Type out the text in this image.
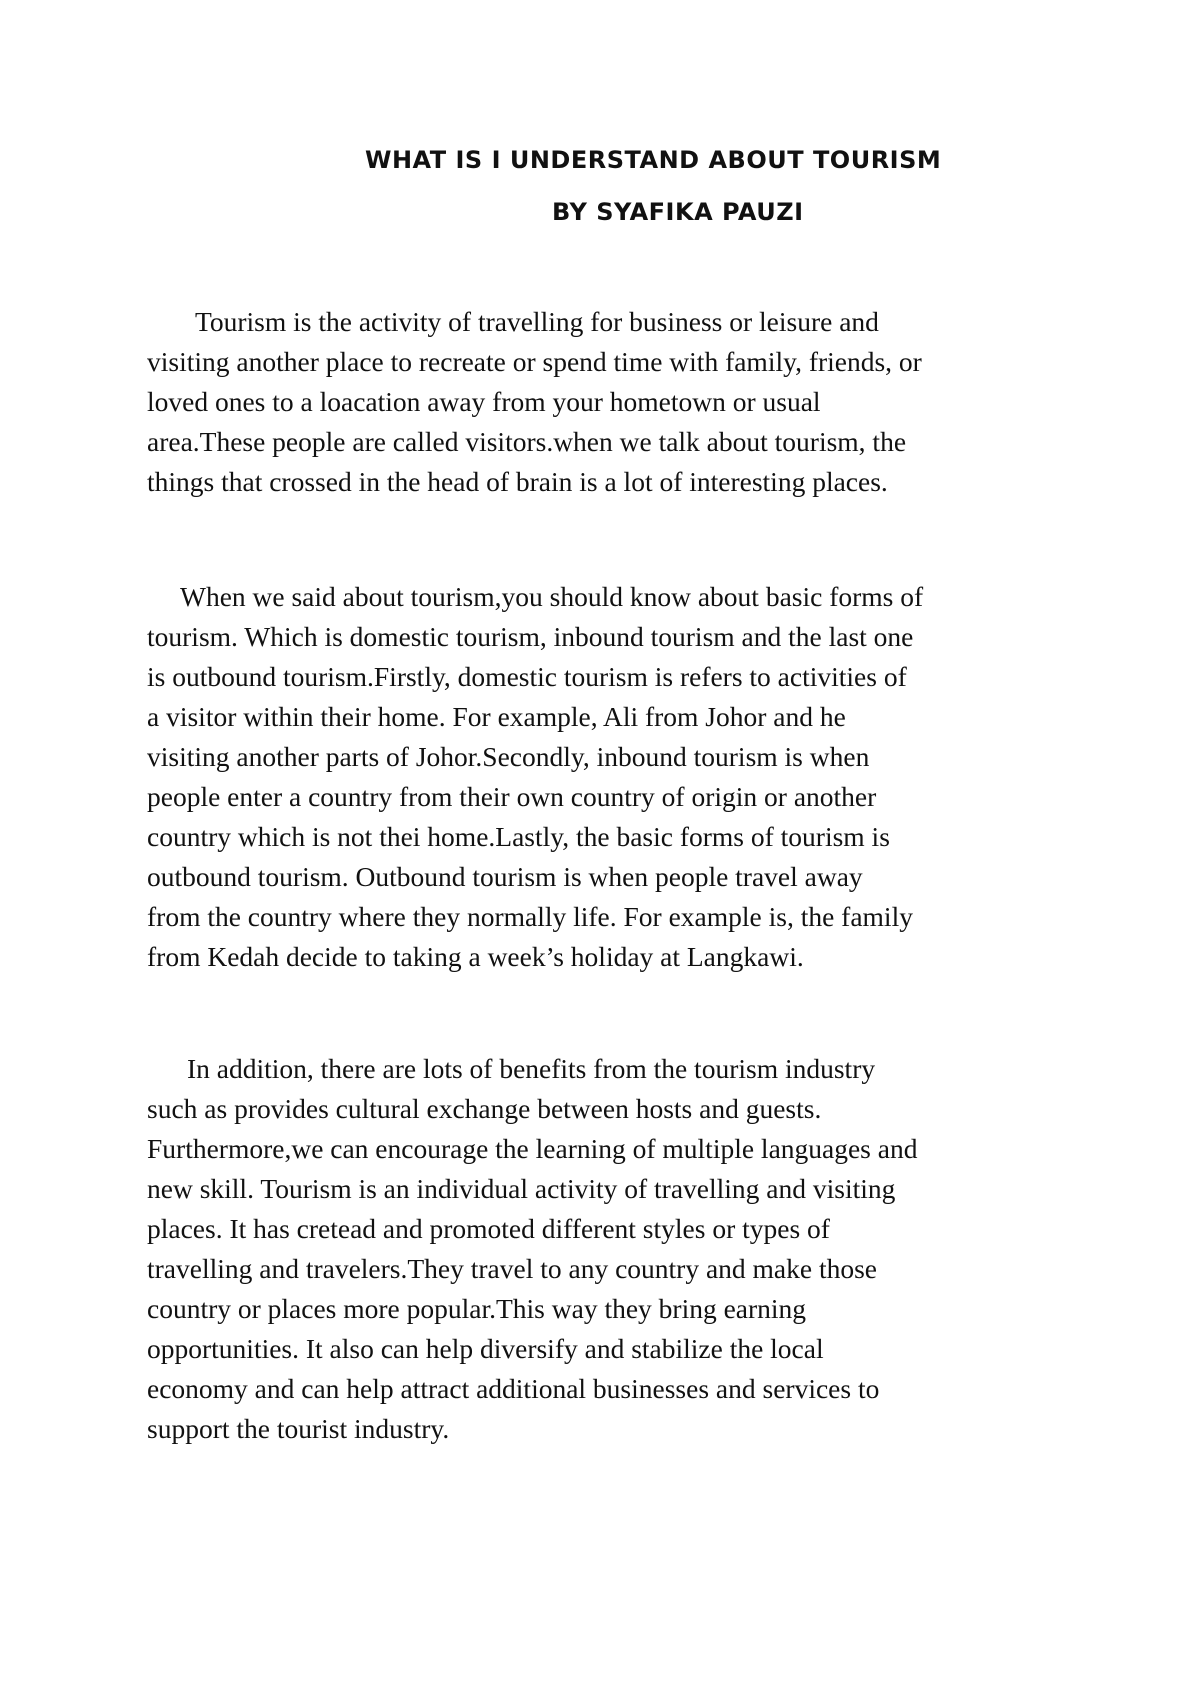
WHAT IS I UNDERSTAND ABOUT TOURISM
BY SYAFIKA PAUZI

Tourism is the activity of travelling for business or leisure and
visiting another place to recreate or spend time with family, friends, or
loved ones to a loacation away from your hometown or usual
area.These people are called visitors.when we talk about tourism, the
things that crossed in the head of brain is a lot of interesting places.

When we said about tourism,you should know about basic forms of
tourism. Which is domestic tourism, inbound tourism and the last one
is outbound tourism.Firstly, domestic tourism is refers to activities of
a visitor within their home. For example, Ali from Johor and he
visiting another parts of Johor.Secondly, inbound tourism is when
people enter a country from their own country of origin or another
country which is not thei home.Lastly, the basic forms of tourism is
outbound tourism. Outbound tourism is when people travel away
from the country where they normally life. For example is, the family
from Kedah decide to taking a week’s holiday at Langkawi.

In addition, there are lots of benefits from the tourism industry
such as provides cultural exchange between hosts and guests.
Furthermore,we can encourage the learning of multiple languages and
new skill. Tourism is an individual activity of travelling and visiting
places. It has cretead and promoted different styles or types of
travelling and travelers.They travel to any country and make those
country or places more popular.This way they bring earning
opportunities. It also can help diversify and stabilize the local
economy and can help attract additional businesses and services to
support the tourist industry.
